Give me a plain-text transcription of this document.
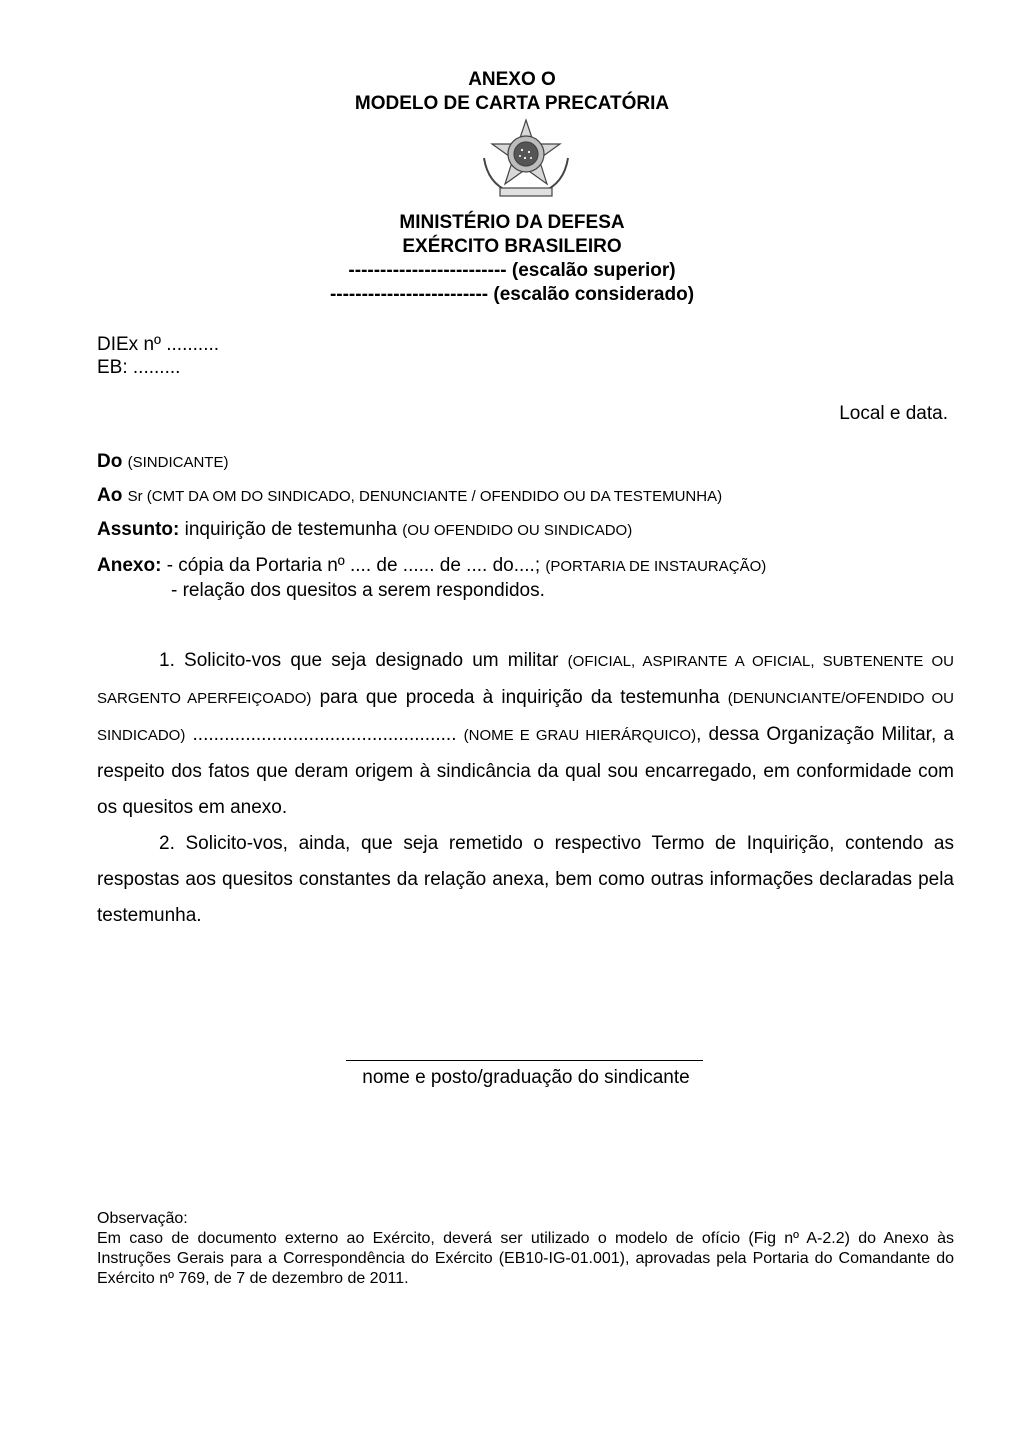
ANEXO O
MODELO DE CARTA PRECATÓRIA
MINISTÉRIO DA DEFESA
EXÉRCITO BRASILEIRO
------------------------- (escalão superior)
------------------------- (escalão considerado)
DIEx nº ..........
EB: .........
Local e data.
Do (SINDICANTE)
Ao Sr (CMT DA OM DO SINDICADO, DENUNCIANTE / OFENDIDO OU DA TESTEMUNHA)
Assunto: inquirição de testemunha (OU OFENDIDO OU SINDICADO)
Anexo: - cópia da Portaria nº .... de ...... de .... do....; (PORTARIA DE INSTAURAÇÃO)
- relação dos quesitos a serem respondidos.

1. Solicito-vos que seja designado um militar (OFICIAL, ASPIRANTE A OFICIAL, SUBTENENTE OU SARGENTO APERFEIÇOADO) para que proceda à inquirição da testemunha (DENUNCIANTE/OFENDIDO OU SINDICADO) .................................................. (NOME E GRAU HIERÁRQUICO), dessa Organização Militar, a respeito dos fatos que deram origem à sindicância da qual sou encarregado, em conformidade com os quesitos em anexo.

2. Solicito-vos, ainda, que seja remetido o respectivo Termo de Inquirição, contendo as respostas aos quesitos constantes da relação anexa, bem como outras informações declaradas pela testemunha.

nome e posto/graduação do sindicante

Observação:

Em caso de documento externo ao Exército, deverá ser utilizado o modelo de ofício (Fig nº A-2.2) do Anexo às Instruções Gerais para a Correspondência do Exército (EB10-IG-01.001), aprovadas pela Portaria do Comandante do Exército nº 769, de 7 de dezembro de 2011.
